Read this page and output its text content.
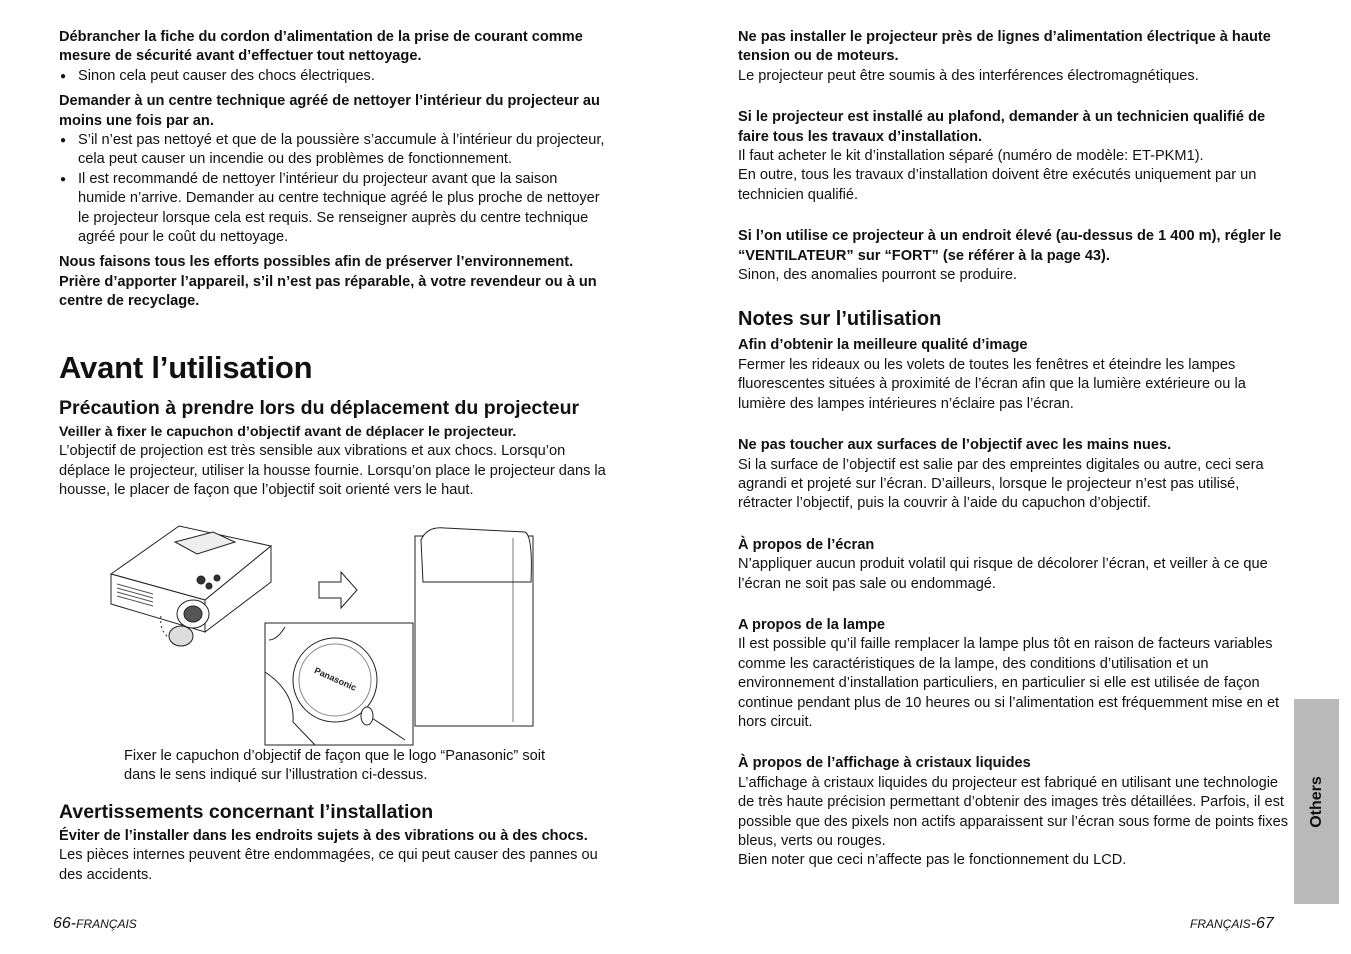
Débrancher la fiche du cordon d’alimentation de la prise de courant comme mesure de sécurité avant d’effectuer tout nettoyage.

● Sinon cela peut causer des chocs électriques.

Demander à un centre technique agréé de nettoyer l’intérieur du projecteur au moins une fois par an.

● S’il n’est pas nettoyé et que de la poussière s’accumule à l’intérieur du projecteur, cela peut causer un incendie ou des problèmes de fonctionnement.
● Il est recommandé de nettoyer l’intérieur du projecteur avant que la saison humide n’arrive. Demander au centre technique agréé le plus proche de nettoyer le projecteur lorsque cela est requis. Se renseigner auprès du centre technique agréé pour le coût du nettoyage.

Nous faisons tous les efforts possibles afin de préserver l’environnement. Prière d’apporter l’appareil, s’il n’est pas réparable, à votre revendeur ou à un centre de recyclage.

Avant l’utilisation
Précaution à prendre lors du déplacement du projecteur

Veiller à fixer le capuchon d’objectif avant de déplacer le projecteur.

L’objectif de projection est très sensible aux vibrations et aux chocs. Lorsqu’on déplace le projecteur, utiliser la housse fournie. Lorsqu’on place le projecteur dans la housse, le placer de façon que l’objectif soit orienté vers le haut.

Panasonic

Fixer le capuchon d’objectif de façon que le logo “Panasonic” soit dans le sens indiqué sur l’illustration ci-dessus.

Avertissements concernant l’installation

Éviter de l’installer dans les endroits sujets à des vibrations ou à des chocs.

Les pièces internes peuvent être endommagées, ce qui peut causer des pannes ou des accidents.

66-FRANÇAIS

Ne pas installer le projecteur près de lignes d’alimentation électrique à haute tension ou de moteurs.

Le projecteur peut être soumis à des interférences électromagnétiques.

Si le projecteur est installé au plafond, demander à un technicien qualifié de faire tous les travaux d’installation.

Il faut acheter le kit d’installation séparé (numéro de modèle: ET-PKM1).

En outre, tous les travaux d’installation doivent être exécutés uniquement par un technicien qualifié.

Si l’on utilise ce projecteur à un endroit élevé (au-dessus de 1 400 m), régler le “VENTILATEUR” sur “FORT” (se référer à la page 43).

Sinon, des anomalies pourront se produire.

Notes sur l’utilisation

Afin d’obtenir la meilleure qualité d’image

Fermer les rideaux ou les volets de toutes les fenêtres et éteindre les lampes fluorescentes situées à proximité de l’écran afin que la lumière extérieure ou la lumière des lampes intérieures n’éclaire pas l’écran.

Ne pas toucher aux surfaces de l’objectif avec les mains nues.

Si la surface de l’objectif est salie par des empreintes digitales ou autre, ceci sera agrandi et projeté sur l’écran. D’ailleurs, lorsque le projecteur n’est pas utilisé, rétracter l’objectif, puis la couvrir à l’aide du capuchon d’objectif.

À propos de l’écran

N’appliquer aucun produit volatil qui risque de décolorer l’écran, et veiller à ce que l’écran ne soit pas sale ou endommagé.

A propos de la lampe

Il est possible qu’il faille remplacer la lampe plus tôt en raison de facteurs variables comme les caractéristiques de la lampe, des conditions d’utilisation et un environnement d’installation particuliers, en particulier si elle est utilisée de façon continue pendant plus de 10 heures ou si l’alimentation est fréquemment mise en et hors circuit.

À propos de l’affichage à cristaux liquides

L’affichage à cristaux liquides du projecteur est fabriqué en utilisant une technologie de très haute précision permettant d’obtenir des images très détaillées. Parfois, il est possible que des pixels non actifs apparaissent sur l’écran sous forme de points fixes bleus, verts ou rouges.

Bien noter que ceci n’affecte pas le fonctionnement du LCD.

FRANÇAIS-67
Others
